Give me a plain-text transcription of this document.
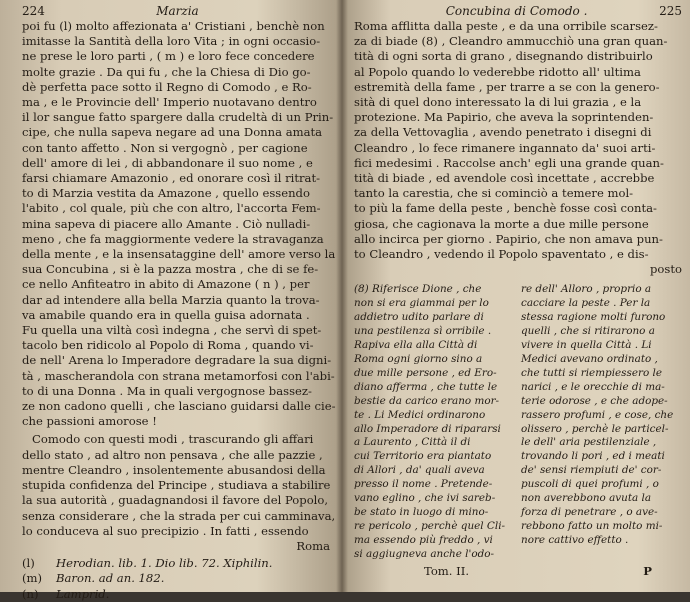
224	Marzia

poi fu (l) molto affezionata a' Cristiani , benchè non
imitasse la Santità della loro Vita ; in ogni occasio-
ne prese le loro parti , ( m ) e loro fece concedere
molte grazie . Da qui fu , che la Chiesa di Dio go-
dè perfetta pace sotto il Regno di Comodo , e Ro-
ma , e le Provincie dell' Imperio nuotavano dentro
il lor sangue fatto spargere dalla crudeltà di un Prin-
cipe, che nulla sapeva negare ad una Donna amata
con tanto affetto . Non si vergognò , per cagione
dell' amore di lei , di abbandonare il suo nome , e
farsi chiamare Amazonio , ed onorare così il ritrat-
to di Marzia vestita da Amazone , quello essendo
l'abito , col quale, più che con altro, l'accorta Fem-
mina sapeva di piacere allo Amante . Ciò nulladi-
meno , che fa maggiormente vedere la stravaganza
della mente , e la insensataggine dell' amore verso la
sua Concubina , si è la pazza mostra , che di se fe-
ce nello Anfiteatro in abito di Amazone ( n ) , per
dar ad intendere alla bella Marzia quanto la trova-
va amabile quando era in quella guisa adornata .
Fu quella una viltà così indegna , che servì di spet-
tacolo ben ridicolo al Popolo di Roma , quando vi-
de nell' Arena lo Imperadore degradare la sua digni-
tà , mascherandola con strana metamorfosi con l'abi-
to di una Donna . Ma in quali vergognose bassez-
ze non cadono quelli , che lasciano guidarsi dalle cie-
che passioni amorose !

Comodo con questi modi , trascurando gli affari
dello stato , ad altro non pensava , che alle pazzie ,
mentre Cleandro , insolentemente abusandosi della
stupida confidenza del Principe , studiava a stabilire
la sua autorità , guadagnandosi il favore del Popolo,
senza considerare , che la strada per cui camminava,
lo conduceva al suo precipizio . In fatti , essendo
Roma

(l)	Herodian. lib. 1. Dio lib. 72. Xiphilin.
(m)	Baron. ad an. 182.
(n)	Lamprid.
Concubina di Comodo .	225
Roma afflitta dalla peste , e da una orribile scarsez-
za di biade (8) , Cleandro ammucchiò una gran quan-
tità di ogni sorta di grano , disegnando distribuirlo
al Popolo quando lo vederebbe ridotto all' ultima
estremità della fame , per trarre a se con la genero-
sità di quel dono interessato la di lui grazia , e la
protezione. Ma Papirio, che aveva la soprintenden-
za della Vettovaglia , avendo penetrato i disegni di
Cleandro , lo fece rimanere ingannato da' suoi arti-
fici medesimi . Raccolse anch' egli una grande quan-
tità di biade , ed avendole così incettate , accrebbe
tanto la carestia, che si cominciò a temere mol-
to più la fame della peste , benchè fosse così conta-
giosa, che cagionava la morte a due mille persone
allo incirca per giorno . Papirio, che non amava pun-
to Cleandro , vedendo il Popolo spaventato , e dis-
posto
(8) Riferisce Dione , che
non si era giammai per lo
addietro udito parlare di
una pestilenza sì orribile .
Rapiva ella alla Città di
Roma ogni giorno sino a
due mille persone , ed Ero-
diano afferma , che tutte le
bestie da carico erano mor-
te . Li Medici ordinarono
allo Imperadore di ripararsi
a Laurento , Città il di
cui Territorio era piantato
di Allori , da' quali aveva
presso il nome . Pretende-
vano eglino , che ivi sareb-
be stato in luogo di mino-
re pericolo , perchè quel Cli-
ma essendo più freddo , vi
si aggiugneva anche l'odo-
re dell' Alloro , proprio a
cacciare la peste . Per la
stessa ragione molti furono
quelli , che si ritirarono a
vivere in quella Città . Li
Medici avevano ordinato ,
che tutti si riempiessero le
narici , e le orecchie di ma-
terie odorose , e che adope-
rassero profumi , e cose, che
olissero , perchè le particel-
le dell' aria pestilenziale ,
trovando li pori , ed i meati
de' sensi riempiuti de' cor-
puscoli di quei profumi , o
non averebbono avuta la
forza di penetrare , o ave-
rebbono fatto un molto mi-
nore cattivo effetto .
Tom. II.	P
